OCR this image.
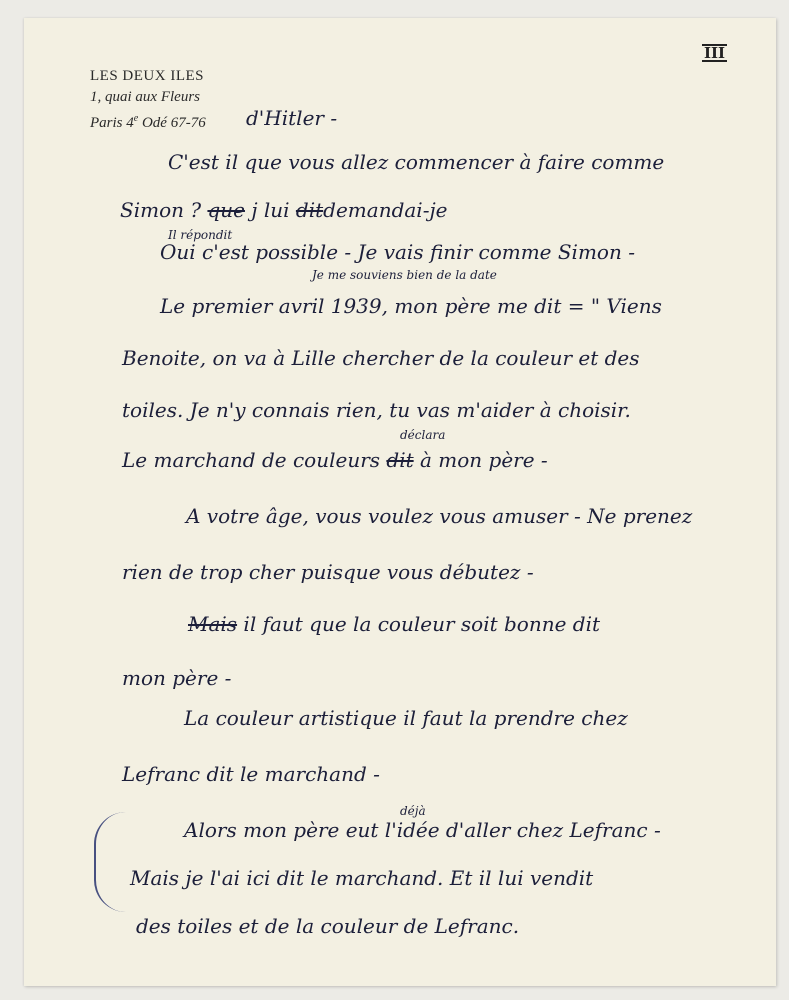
LES DEUX ILES
1, quai aux Fleurs
Paris 4e Odé 67-76
III
d'Hitler -
C'est il que vous allez commencer à faire comme
Simon ? que j lui ditdemandai-je
Il répondit
Oui c'est possible - Je vais finir comme Simon -
Je me souviens bien de la date
Le premier avril 1939, mon père me dit = " Viens
Benoite, on va à Lille chercher de la couleur et des
toiles. Je n'y connais rien, tu vas m'aider à choisir.
déclara
Le marchand de couleurs dit à mon père -
A votre âge, vous voulez vous amuser - Ne prenez
rien de trop cher puisque vous débutez -
Mais il faut que la couleur soit bonne dit
mon père -
La couleur artistique il faut la prendre chez
Lefranc dit le marchand -
déjà
Alors mon père eut l'idée d'aller chez Lefranc -
Mais je l'ai ici dit le marchand. Et il lui vendit
des toiles et de la couleur de Lefranc.
